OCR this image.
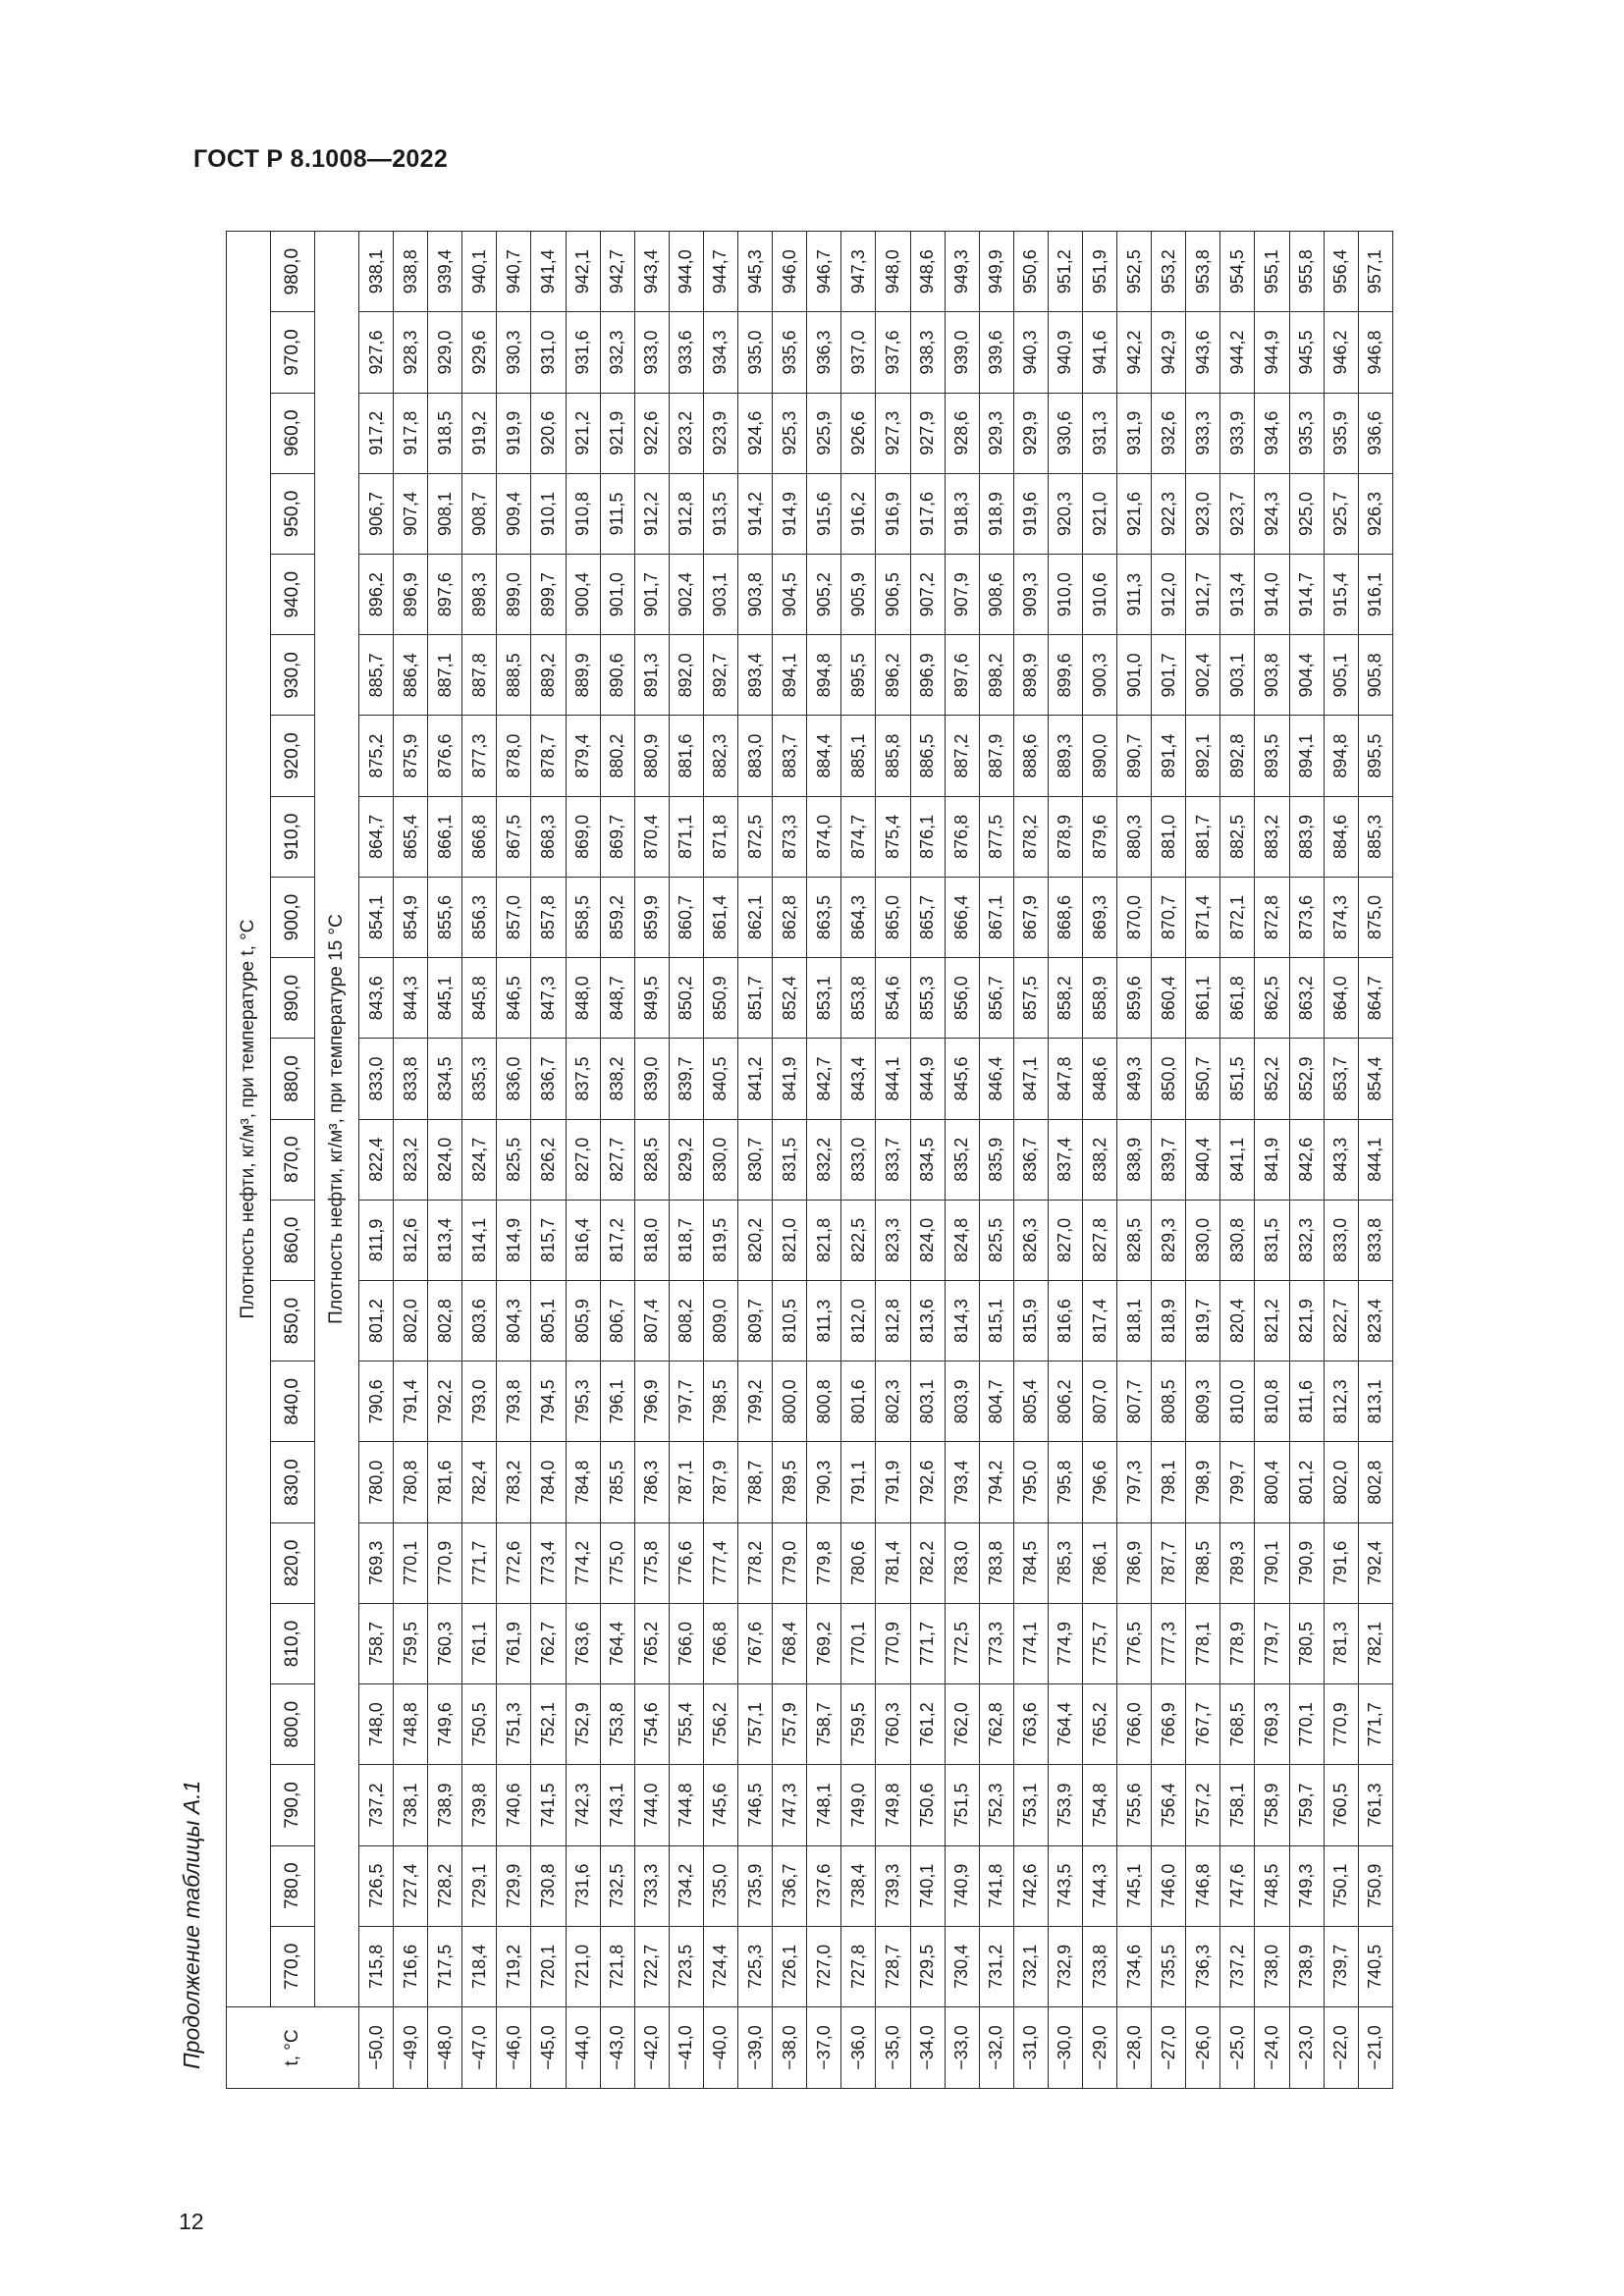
ГОСТ Р 8.1008—2022
Продолжение таблицы А.1
12
t, °C	Плотность нефти, кг/м³, при температуре t, °C																					
	770,0	780,0	790,0	800,0	810,0	820,0	830,0	840,0	850,0	860,0	870,0	880,0	890,0	900,0	910,0	920,0	930,0	940,0	950,0	960,0	970,0	980,0
	Плотность нефти, кг/м³, при температуре 15 °C																					
−50,0	715,8	726,5	737,2	748,0	758,7	769,3	780,0	790,6	801,2	811,9	822,4	833,0	843,6	854,1	864,7	875,2	885,7	896,2	906,7	917,2	927,6	938,1
−49,0	716,6	727,4	738,1	748,8	759,5	770,1	780,8	791,4	802,0	812,6	823,2	833,8	844,3	854,9	865,4	875,9	886,4	896,9	907,4	917,8	928,3	938,8
−48,0	717,5	728,2	738,9	749,6	760,3	770,9	781,6	792,2	802,8	813,4	824,0	834,5	845,1	855,6	866,1	876,6	887,1	897,6	908,1	918,5	929,0	939,4
−47,0	718,4	729,1	739,8	750,5	761,1	771,7	782,4	793,0	803,6	814,1	824,7	835,3	845,8	856,3	866,8	877,3	887,8	898,3	908,7	919,2	929,6	940,1
−46,0	719,2	729,9	740,6	751,3	761,9	772,6	783,2	793,8	804,3	814,9	825,5	836,0	846,5	857,0	867,5	878,0	888,5	899,0	909,4	919,9	930,3	940,7
−45,0	720,1	730,8	741,5	752,1	762,7	773,4	784,0	794,5	805,1	815,7	826,2	836,7	847,3	857,8	868,3	878,7	889,2	899,7	910,1	920,6	931,0	941,4
−44,0	721,0	731,6	742,3	752,9	763,6	774,2	784,8	795,3	805,9	816,4	827,0	837,5	848,0	858,5	869,0	879,4	889,9	900,4	910,8	921,2	931,6	942,1
−43,0	721,8	732,5	743,1	753,8	764,4	775,0	785,5	796,1	806,7	817,2	827,7	838,2	848,7	859,2	869,7	880,2	890,6	901,0	911,5	921,9	932,3	942,7
−42,0	722,7	733,3	744,0	754,6	765,2	775,8	786,3	796,9	807,4	818,0	828,5	839,0	849,5	859,9	870,4	880,9	891,3	901,7	912,2	922,6	933,0	943,4
−41,0	723,5	734,2	744,8	755,4	766,0	776,6	787,1	797,7	808,2	818,7	829,2	839,7	850,2	860,7	871,1	881,6	892,0	902,4	912,8	923,2	933,6	944,0
−40,0	724,4	735,0	745,6	756,2	766,8	777,4	787,9	798,5	809,0	819,5	830,0	840,5	850,9	861,4	871,8	882,3	892,7	903,1	913,5	923,9	934,3	944,7
−39,0	725,3	735,9	746,5	757,1	767,6	778,2	788,7	799,2	809,7	820,2	830,7	841,2	851,7	862,1	872,5	883,0	893,4	903,8	914,2	924,6	935,0	945,3
−38,0	726,1	736,7	747,3	757,9	768,4	779,0	789,5	800,0	810,5	821,0	831,5	841,9	852,4	862,8	873,3	883,7	894,1	904,5	914,9	925,3	935,6	946,0
−37,0	727,0	737,6	748,1	758,7	769,2	779,8	790,3	800,8	811,3	821,8	832,2	842,7	853,1	863,5	874,0	884,4	894,8	905,2	915,6	925,9	936,3	946,7
−36,0	727,8	738,4	749,0	759,5	770,1	780,6	791,1	801,6	812,0	822,5	833,0	843,4	853,8	864,3	874,7	885,1	895,5	905,9	916,2	926,6	937,0	947,3
−35,0	728,7	739,3	749,8	760,3	770,9	781,4	791,9	802,3	812,8	823,3	833,7	844,1	854,6	865,0	875,4	885,8	896,2	906,5	916,9	927,3	937,6	948,0
−34,0	729,5	740,1	750,6	761,2	771,7	782,2	792,6	803,1	813,6	824,0	834,5	844,9	855,3	865,7	876,1	886,5	896,9	907,2	917,6	927,9	938,3	948,6
−33,0	730,4	740,9	751,5	762,0	772,5	783,0	793,4	803,9	814,3	824,8	835,2	845,6	856,0	866,4	876,8	887,2	897,6	907,9	918,3	928,6	939,0	949,3
−32,0	731,2	741,8	752,3	762,8	773,3	783,8	794,2	804,7	815,1	825,5	835,9	846,4	856,7	867,1	877,5	887,9	898,2	908,6	918,9	929,3	939,6	949,9
−31,0	732,1	742,6	753,1	763,6	774,1	784,5	795,0	805,4	815,9	826,3	836,7	847,1	857,5	867,9	878,2	888,6	898,9	909,3	919,6	929,9	940,3	950,6
−30,0	732,9	743,5	753,9	764,4	774,9	785,3	795,8	806,2	816,6	827,0	837,4	847,8	858,2	868,6	878,9	889,3	899,6	910,0	920,3	930,6	940,9	951,2
−29,0	733,8	744,3	754,8	765,2	775,7	786,1	796,6	807,0	817,4	827,8	838,2	848,6	858,9	869,3	879,6	890,0	900,3	910,6	921,0	931,3	941,6	951,9
−28,0	734,6	745,1	755,6	766,0	776,5	786,9	797,3	807,7	818,1	828,5	838,9	849,3	859,6	870,0	880,3	890,7	901,0	911,3	921,6	931,9	942,2	952,5
−27,0	735,5	746,0	756,4	766,9	777,3	787,7	798,1	808,5	818,9	829,3	839,7	850,0	860,4	870,7	881,0	891,4	901,7	912,0	922,3	932,6	942,9	953,2
−26,0	736,3	746,8	757,2	767,7	778,1	788,5	798,9	809,3	819,7	830,0	840,4	850,7	861,1	871,4	881,7	892,1	902,4	912,7	923,0	933,3	943,6	953,8
−25,0	737,2	747,6	758,1	768,5	778,9	789,3	799,7	810,0	820,4	830,8	841,1	851,5	861,8	872,1	882,5	892,8	903,1	913,4	923,7	933,9	944,2	954,5
−24,0	738,0	748,5	758,9	769,3	779,7	790,1	800,4	810,8	821,2	831,5	841,9	852,2	862,5	872,8	883,2	893,5	903,8	914,0	924,3	934,6	944,9	955,1
−23,0	738,9	749,3	759,7	770,1	780,5	790,9	801,2	811,6	821,9	832,3	842,6	852,9	863,2	873,6	883,9	894,1	904,4	914,7	925,0	935,3	945,5	955,8
−22,0	739,7	750,1	760,5	770,9	781,3	791,6	802,0	812,3	822,7	833,0	843,3	853,7	864,0	874,3	884,6	894,8	905,1	915,4	925,7	935,9	946,2	956,4
−21,0	740,5	750,9	761,3	771,7	782,1	792,4	802,8	813,1	823,4	833,8	844,1	854,4	864,7	875,0	885,3	895,5	905,8	916,1	926,3	936,6	946,8	957,1
